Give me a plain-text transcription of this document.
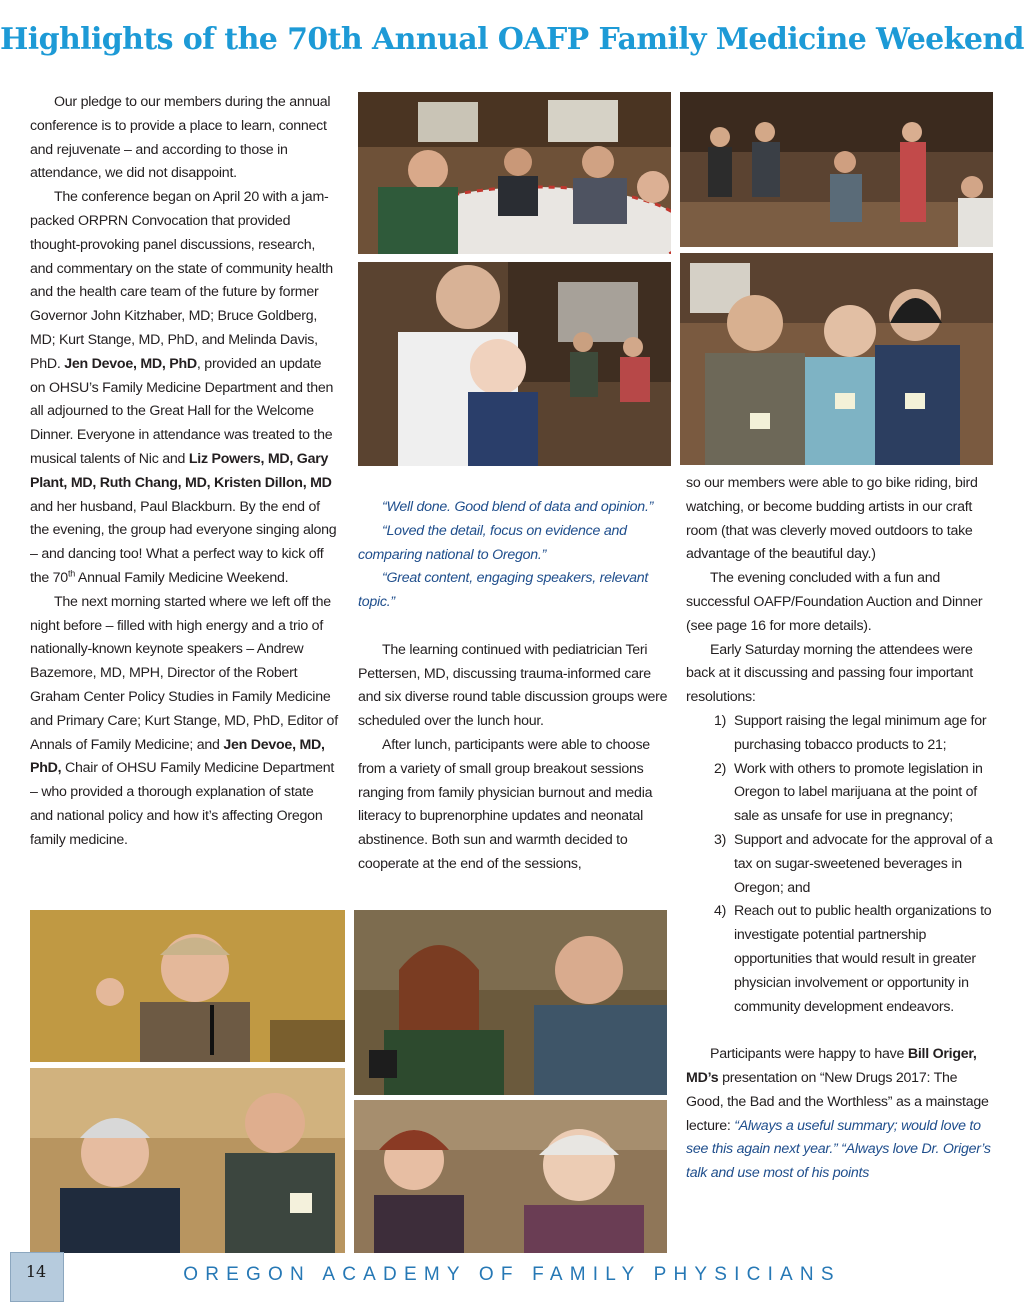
Highlights of the 70th Annual OAFP Family Medicine Weekend

Our pledge to our members during the annual conference is to provide a place to learn, connect and rejuvenate – and according to those in attendance, we did not disappoint.

The conference began on April 20 with a jam-packed ORPRN Convocation that provided thought-provoking panel discussions, research, and commentary on the state of community health and the health care team of the future by former Governor John Kitzhaber, MD; Bruce Goldberg, MD; Kurt Stange, MD, PhD, and Melinda Davis, PhD. Jen Devoe, MD, PhD, provided an update on OHSU’s Family Medicine Department and then all adjourned to the Great Hall for the Welcome Dinner. Everyone in attendance was treated to the musical talents of Nic and Liz Powers, MD, Gary Plant, MD, Ruth Chang, MD, Kristen Dillon, MD and her husband, Paul Blackburn. By the end of the evening, the group had everyone singing along – and dancing too! What a perfect way to kick off the 70th Annual Family Medicine Weekend.

The next morning started where we left off the night before – filled with high energy and a trio of nationally-known keynote speakers – Andrew Bazemore, MD, MPH, Director of the Robert Graham Center Policy Studies in Family Medicine and Primary Care; Kurt Stange, MD, PhD, Editor of Annals of Family Medicine; and Jen Devoe, MD, PhD, Chair of OHSU Family Medicine Department – who provided a thorough explanation of state and national policy and how it’s affecting Oregon family medicine.

“Well done. Good blend of data and opinion.”

“Loved the detail, focus on evidence and comparing national to Oregon.”

“Great content, engaging speakers, relevant topic.”

The learning continued with pediatrician Teri Pettersen, MD, discussing trauma-informed care and six diverse round table discussion groups were scheduled over the lunch hour.

After lunch, participants were able to choose from a variety of small group breakout sessions ranging from family physician burnout and media literacy to buprenorphine updates and neonatal abstinence. Both sun and warmth decided to cooperate at the end of the sessions,

so our members were able to go bike riding, bird watching, or become budding artists in our craft room (that was cleverly moved outdoors to take advantage of the beautiful day.)

The evening concluded with a fun and successful OAFP/Foundation Auction and Dinner (see page 16 for more details).

Early Saturday morning the attendees were back at it discussing and passing four important resolutions:

1) Support raising the legal minimum age for purchasing tobacco products to 21;
2) Work with others to promote legislation in Oregon to label marijuana at the point of sale as unsafe for use in pregnancy;
3) Support and advocate for the approval of a tax on sugar-sweetened beverages in Oregon; and
4) Reach out to public health organizations to investigate potential partnership opportunities that would result in greater physician involvement or opportunity in community development endeavors.

Participants were happy to have Bill Origer, MD’s presentation on “New Drugs 2017: The Good, the Bad and the Worthless” as a mainstage lecture: “Always a useful summary; would love to see this again next year.” “Always love Dr. Origer’s talk and use most of his points

14	OREGON ACADEMY OF FAMILY PHYSICIANS
